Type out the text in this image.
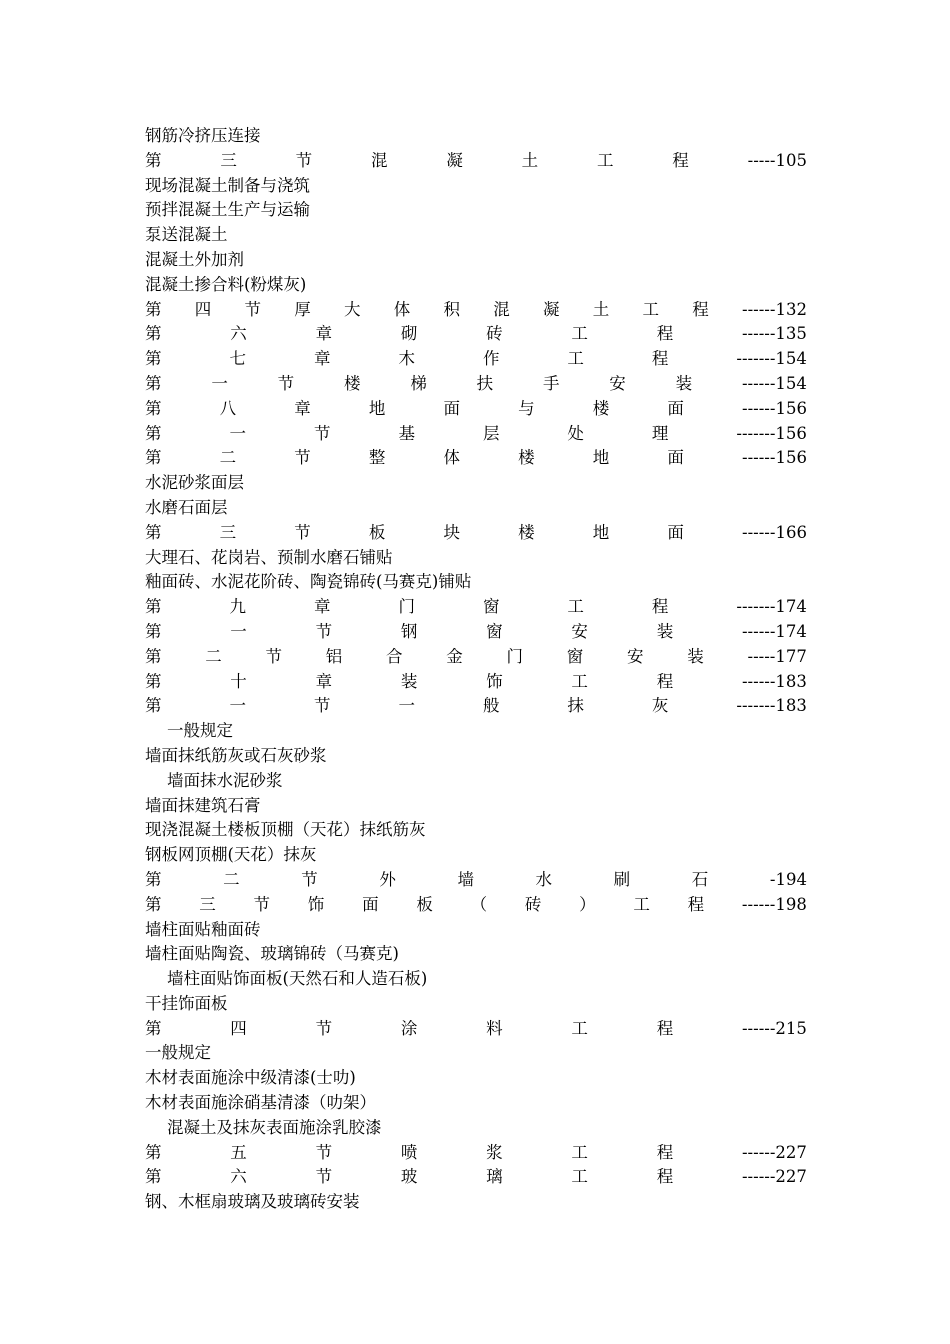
钢筋冷挤压连接
第	三	节	混	凝	土	工	程	-----105
现场混凝土制备与浇筑
预拌混凝土生产与运输
泵送混凝土
混凝土外加剂
混凝土掺合料(粉煤灰)
第 四 节 厚 大 体 积 混 凝 土 工 程 ------132
第	六	章	砌	砖	工	程	------135
第	七	章	木	作	工	程	-------154
第	一	节	楼	梯	扶	手	安	装	------154
第	八	章	地	面	与	楼	面	------156
第	一	节	基	层	处	理	-------156
第	二	节	整	体	楼	地	面	------156
水泥砂浆面层
水磨石面层
第	三	节	板	块	楼	地	面	------166
大理石、花岗岩、预制水磨石铺贴
釉面砖、水泥花阶砖、陶瓷锦砖(马赛克)铺贴
第	九	章	门	窗	工	程	-------174
第	一	节	钢	窗	安	装	------174
第	二	节	铝	合	金	门	窗	安	装	-----177
第	十	章	装	饰	工	程	------183
第	一	节	一	般	抹	灰	-------183
一般规定
墙面抹纸筋灰或石灰砂浆
墙面抹水泥砂浆
墙面抹建筑石膏
现浇混凝土楼板顶棚（天花）抹纸筋灰
钢板网顶棚(天花）抹灰
第	二	节	外	墙	水	刷	石	-194
第 三 节 饰 面 板 （ 砖 ） 工 程 ------198
墙柱面贴釉面砖
墙柱面贴陶瓷、玻璃锦砖（马赛克)
墙柱面贴饰面板(天然石和人造石板)
干挂饰面板
第	四	节	涂	料	工	程	------215
一般规定
木材表面施涂中级清漆(士叻)
木材表面施涂硝基清漆（叻架）
混凝土及抹灰表面施涂乳胶漆
第	五	节	喷	浆	工	程	------227
第	六	节	玻	璃	工	程	------227
钢、木框扇玻璃及玻璃砖安装
